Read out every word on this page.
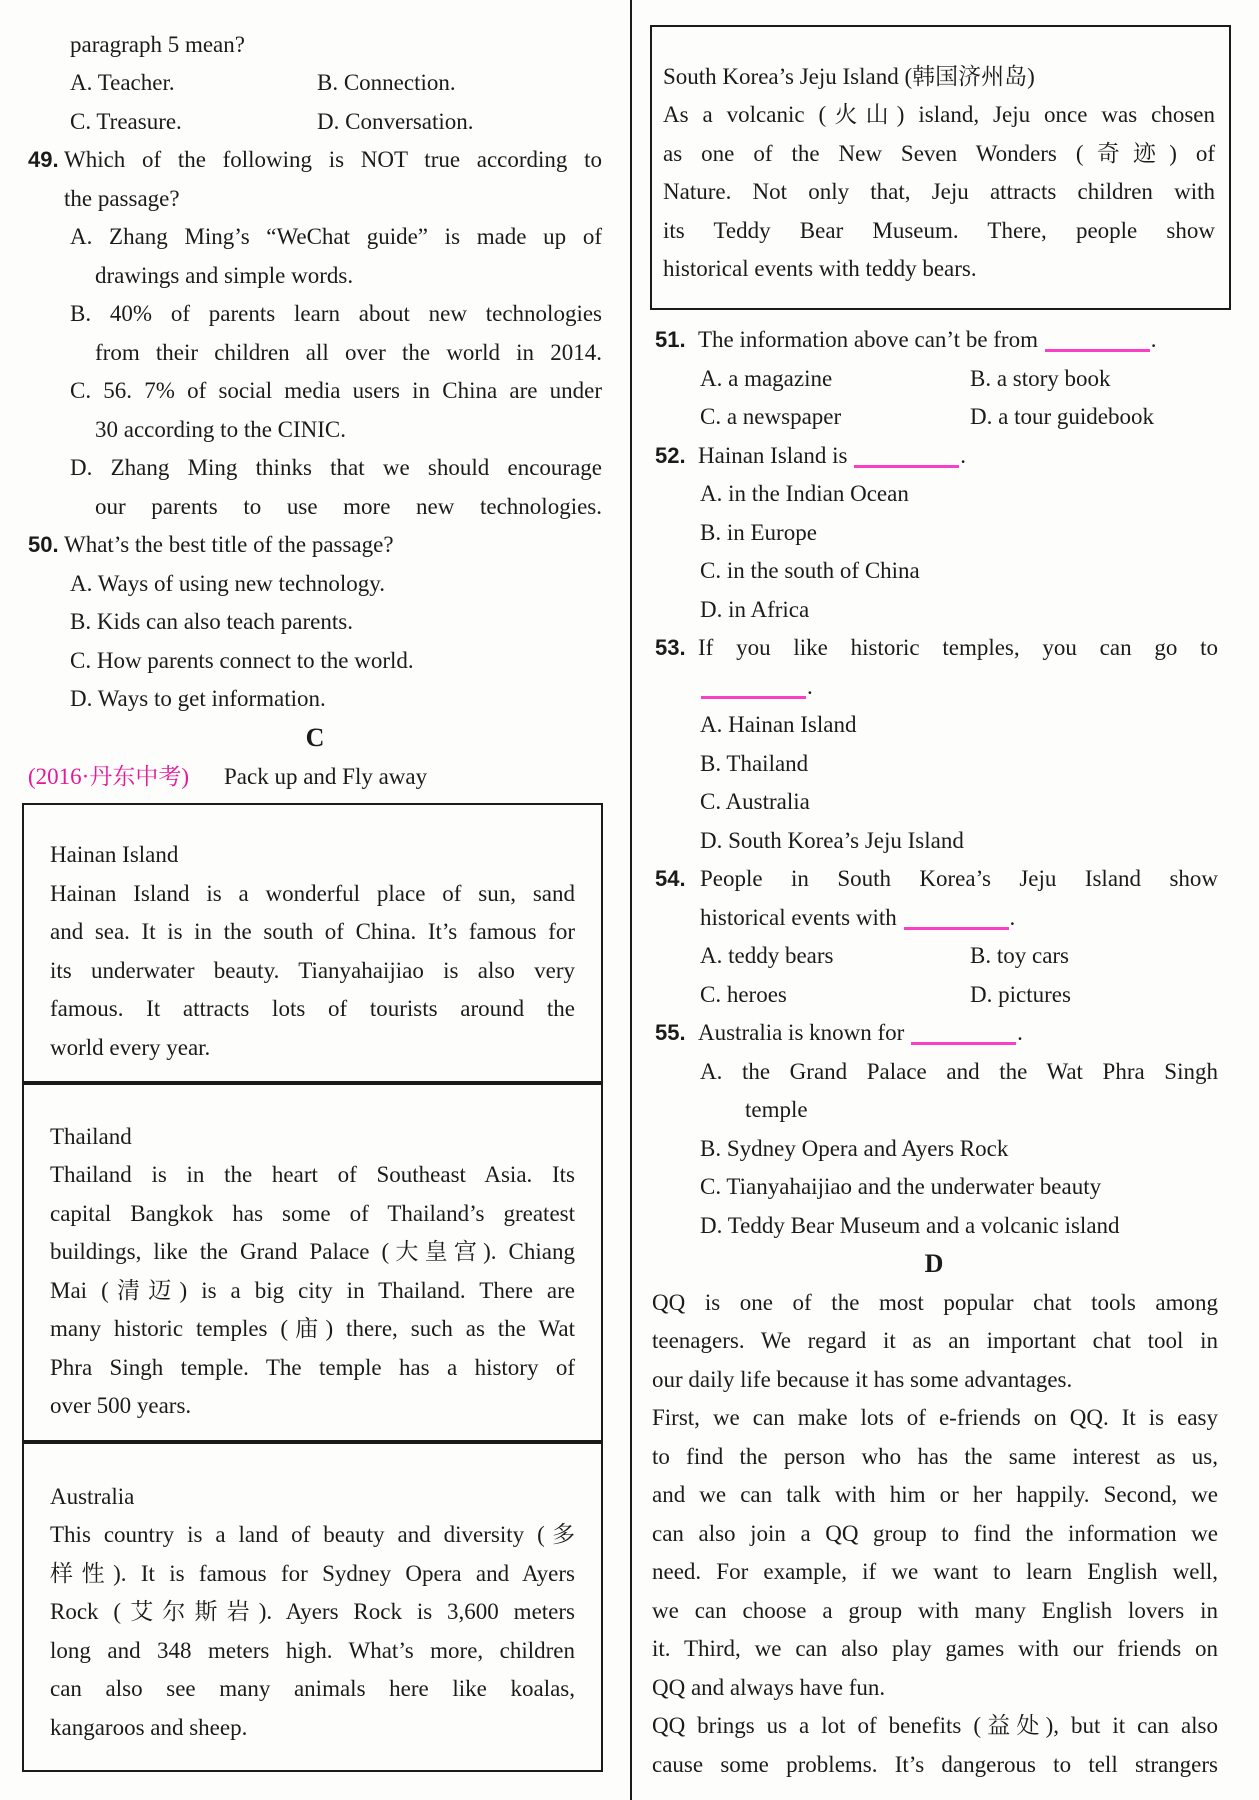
paragraph 5 mean?
A. Teacher.	B. Connection.
C. Treasure.	D. Conversation.
49. Which of the following is NOT true according to
the passage?
A. Zhang Ming’s “WeChat guide” is made up of
drawings and simple words.
B. 40% of parents learn about new technologies
from their children all over the world in 2014.
C. 56. 7% of social media users in China are under
30 according to the CINIC.
D. Zhang Ming thinks that we should encourage
our parents to use more new technologies.
50. What’s the best title of the passage?
A. Ways of using new technology.
B. Kids can also teach parents.
C. How parents connect to the world.
D. Ways to get information.
C
(2016·丹东中考) Pack up and Fly away
Hainan Island
Hainan Island is a wonderful place of sun, sand
and sea. It is in the south of China. It’s famous for
its underwater beauty. Tianyahaijiao is also very
famous. It attracts lots of tourists around the
world every year.
Thailand
Thailand is in the heart of Southeast Asia. Its
capital Bangkok has some of Thailand’s greatest
buildings, like the Grand Palace (大皇宫). Chiang
Mai (清迈) is a big city in Thailand. There are
many historic temples (庙) there, such as the Wat
Phra Singh temple. The temple has a history of
over 500 years.
Australia
This country is a land of beauty and diversity (多
样性). It is famous for Sydney Opera and Ayers
Rock (艾尔斯岩). Ayers Rock is 3,600 meters
long and 348 meters high. What’s more, children
can also see many animals here like koalas,
kangaroos and sheep.
South Korea’s Jeju Island (韩国济州岛)
As a volcanic (火山) island, Jeju once was chosen
as one of the New Seven Wonders (奇迹) of
Nature. Not only that, Jeju attracts children with
its Teddy Bear Museum. There, people show
historical events with teddy bears.
51. The information above can’t be from	.
A. a magazine	B. a story book
C. a newspaper	D. a tour guidebook
52. Hainan Island is	.
A. in the Indian Ocean
B. in Europe
C. in the south of China
D. in Africa
53. If you like historic temples, you can go to
.
A. Hainan Island
B. Thailand
C. Australia
D. South Korea’s Jeju Island
54. People in South Korea’s Jeju Island show
historical events with	.
A. teddy bears	B. toy cars
C. heroes	D. pictures
55. Australia is known for	.
A. the Grand Palace and the Wat Phra Singh
temple
B. Sydney Opera and Ayers Rock
C. Tianyahaijiao and the underwater beauty
D. Teddy Bear Museum and a volcanic island
D
QQ is one of the most popular chat tools among
teenagers. We regard it as an important chat tool in
our daily life because it has some advantages.
First, we can make lots of e-friends on QQ. It is easy
to find the person who has the same interest as us,
and we can talk with him or her happily. Second, we
can also join a QQ group to find the information we
need. For example, if we want to learn English well,
we can choose a group with many English lovers in
it. Third, we can also play games with our friends on
QQ and always have fun.
QQ brings us a lot of benefits (益处), but it can also
cause some problems. It’s dangerous to tell strangers
